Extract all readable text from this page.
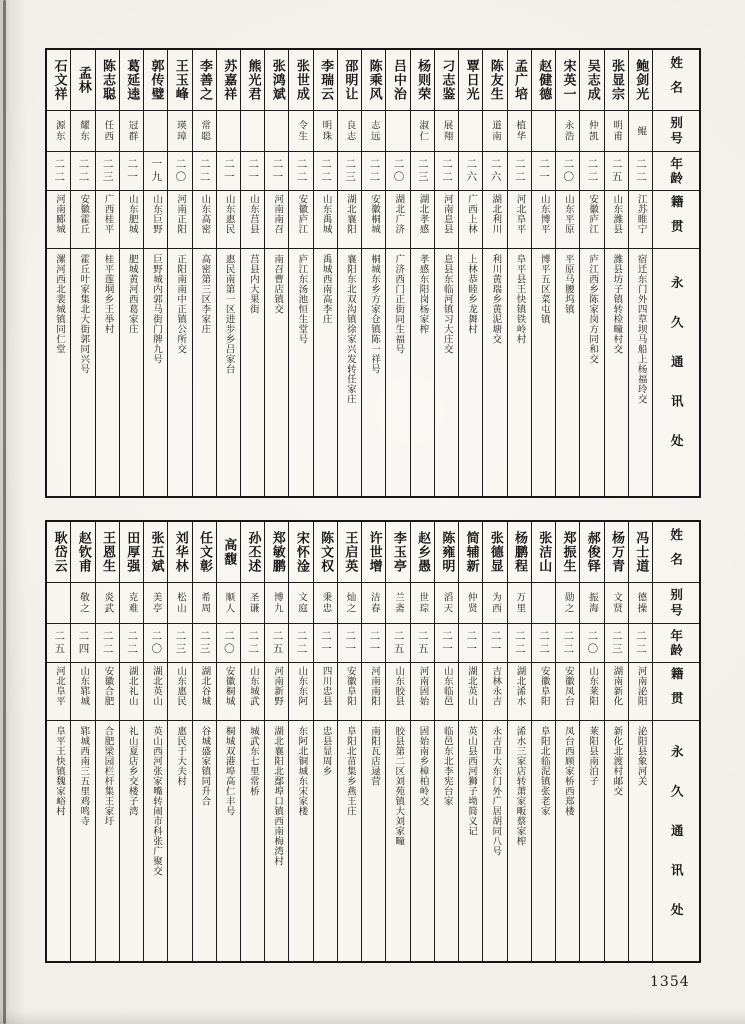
姓名
别号
年龄
籍贯
永久通讯处
鲍剑光
鲲
二二
江苏睢宁
宿迁东门外四草坝马船上杨福玲交
张显宗
明甫
二五
山东潍县
潍县坊子镇转检疃村交
吴志成
仲凯
二二
安徽庐江
庐江西乡陈家岗方同和交
宋英一
永浩
二〇
山东平原
平原马腰坞镇
赵健德
二一
山东博平
博平五区菜屯镇
孟广培
植华
二二
河北阜平
阜平县王快镇铁岭村
陈友生
道南
二六
湖北利川
利川黄瑞乡黄泥塘交
覃日光
二六
广西上林
上林恭睦乡龙舞村
刁志鉴
展翔
二二
河南息县
息县东临河镇习大庄交
杨则荣
淑仁
二三
湖北孝感
孝感东阳岗杨家榨
吕中治
二〇
湖北广济
广济西门正街同生福号
陈乘风
志远
二二
安徽桐城
桐城东乡方家仓镇陈一祥号
邵明让
良志
二三
湖北襄阳
襄阳东北双沟镇徐家兴发转任家庄
李瑞云
明珠
二二
山东禹城
禹城西南高李庄
张世成
令生
二二
安徽庐江
庐江东汤池恒生堂号
张鸿斌
二一
河南南召
南召曹店镇交
熊光君
二一
山东莒县
莒县内大果街
苏嘉祥
二一
山东惠民
惠民南第一区进步乡吕家台
李善之
常聪
二二
山东高密
高密第三区李家庄
王玉峰
瑛璋
二〇
河南正阳
正阳南南中正镇公所交
郭传璧
一九
山东巨野
巨野城内郭马街门牌九号
葛延逵
冠群
二一
山东肥城
肥城黄河西葛家庄
陈志聪
任西
二三
广西桂平
桂平莲垌乡王举村
孟林
耀东
二二
安徽霍丘
霍丘叶家集北大街郭同兴号
石文祥
源东
二二
河南郾城
漯河西北裴城镇同仁堂
姓名
别号
年龄
籍贯
永久通讯处
冯士道
德操
二二
河南泌阳
泌阳县象河关
杨万青
文贤
二三
湖南新化
新化北渡村邮交
郝俊铎
振海
二〇
山东莱阳
莱阳县南泊子
郑振生
勋之
二二
安徽凤台
凤台西顾家桥西郑楼
张洁山
二二
安徽阜阳
阜阳北临泥镇张老家
杨鹏程
万里
二二
湖北浠水
浠水三家店转萧家畈蔡家榨
张德显
为西
二一
吉林永吉
永吉市大东门外广居胡同八号
简辅新
仲贤
二一
湖北英山
英山县西河狮子坳简义记
陈雍明
滔天
二一
山东临邑
临邑东北李宪台家
赵乡愚
世琮
二五
河南固始
固始南乡樟柏岭交
李玉亭
兰斋
二五
山东胶县
胶县第二区刘苑镇大刘家疃
许世增
洁春
二一
河南南阳
南阳瓦店逯营
王启英
灿之
二一
安徽阜阳
阜阳北苗集乡燕王庄
陈文权
秉忠
二一
四川忠县
忠县显周乡
宋怀淦
文庭
二二
山东东阿
东阿北铜城东宋家楼
郑敏鹏
博九
二五
河南新野
湖北襄阳北鄢埠口镇西南梅湾村
孙丕述
圣谦
二二
山东城武
城武东七里常桥
高馥
顺人
二〇
安徽桐城
桐城双港埠高仁丰号
任文彰
希周
二三
湖北谷城
谷城盛家镇同升合
刘华林
松山
二三
山东惠民
惠民于大夫村
张五斌
美亭
二〇
湖北英山
英山西河张家嘴转闹市科张广聚交
田厚强
克难
二二
湖北礼山
礼山夏店乡交楼子湾
王恩生
炎武
二二
安徽合肥
合肥梁园栏杆集王家圩
赵钦甫
敬之
二四
山东郓城
郓城西南三五里鸡鸣寺
耿岱云
二五
河北阜平
阜平王快镇魏家峪村
1354
